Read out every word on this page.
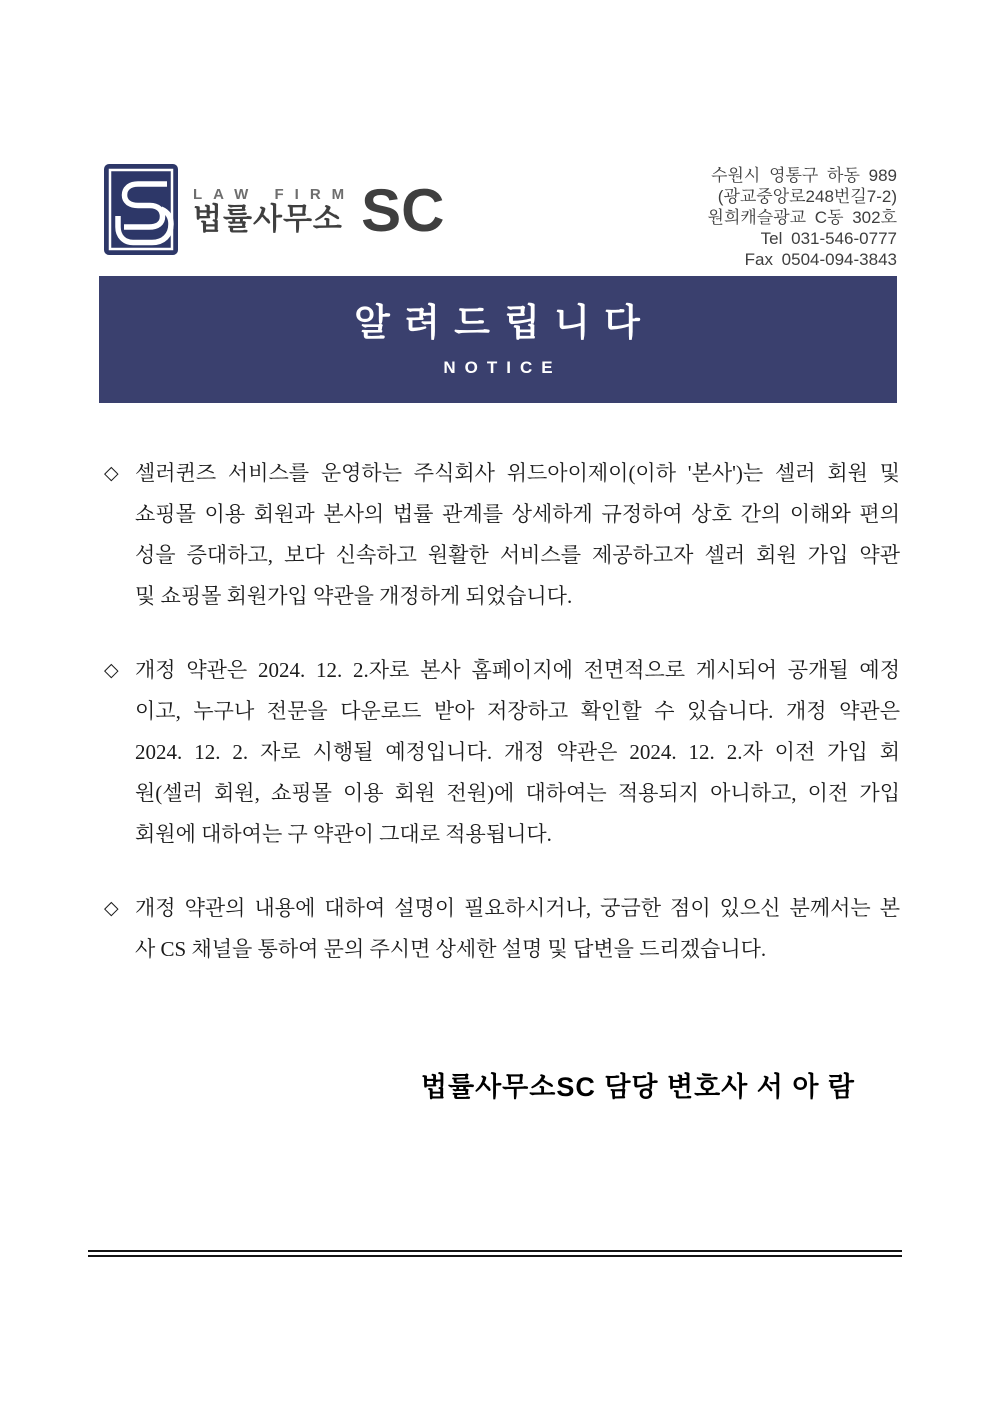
LAW FIRM
법률사무소 SC
수원시 영통구 하동 989
(광교중앙로248번길7-2)
원희캐슬광교 C동 302호
Tel 031-546-0777
Fax 0504-094-3843
알 려 드 립 니 다
NOTICE
◇ 셀러퀸즈 서비스를 운영하는 주식회사 위드아이제이(이하 '본사')는 셀러 회원 및
쇼핑몰 이용 회원과 본사의 법률 관계를 상세하게 규정하여 상호 간의 이해와 편의
성을 증대하고, 보다 신속하고 원활한 서비스를 제공하고자 셀러 회원 가입 약관
및 쇼핑몰 회원가입 약관을 개정하게 되었습니다.
◇ 개정 약관은 2024. 12. 2.자로 본사 홈페이지에 전면적으로 게시되어 공개될 예정
이고, 누구나 전문을 다운로드 받아 저장하고 확인할 수 있습니다. 개정 약관은
2024. 12. 2. 자로 시행될 예정입니다. 개정 약관은 2024. 12. 2.자 이전 가입 회
원(셀러 회원, 쇼핑몰 이용 회원 전원)에 대하여는 적용되지 아니하고, 이전 가입
회원에 대하여는 구 약관이 그대로 적용됩니다.
◇ 개정 약관의 내용에 대하여 설명이 필요하시거나, 궁금한 점이 있으신 분께서는 본
사 CS 채널을 통하여 문의 주시면 상세한 설명 및 답변을 드리겠습니다.
법률사무소SC 담당 변호사 서 아 람
